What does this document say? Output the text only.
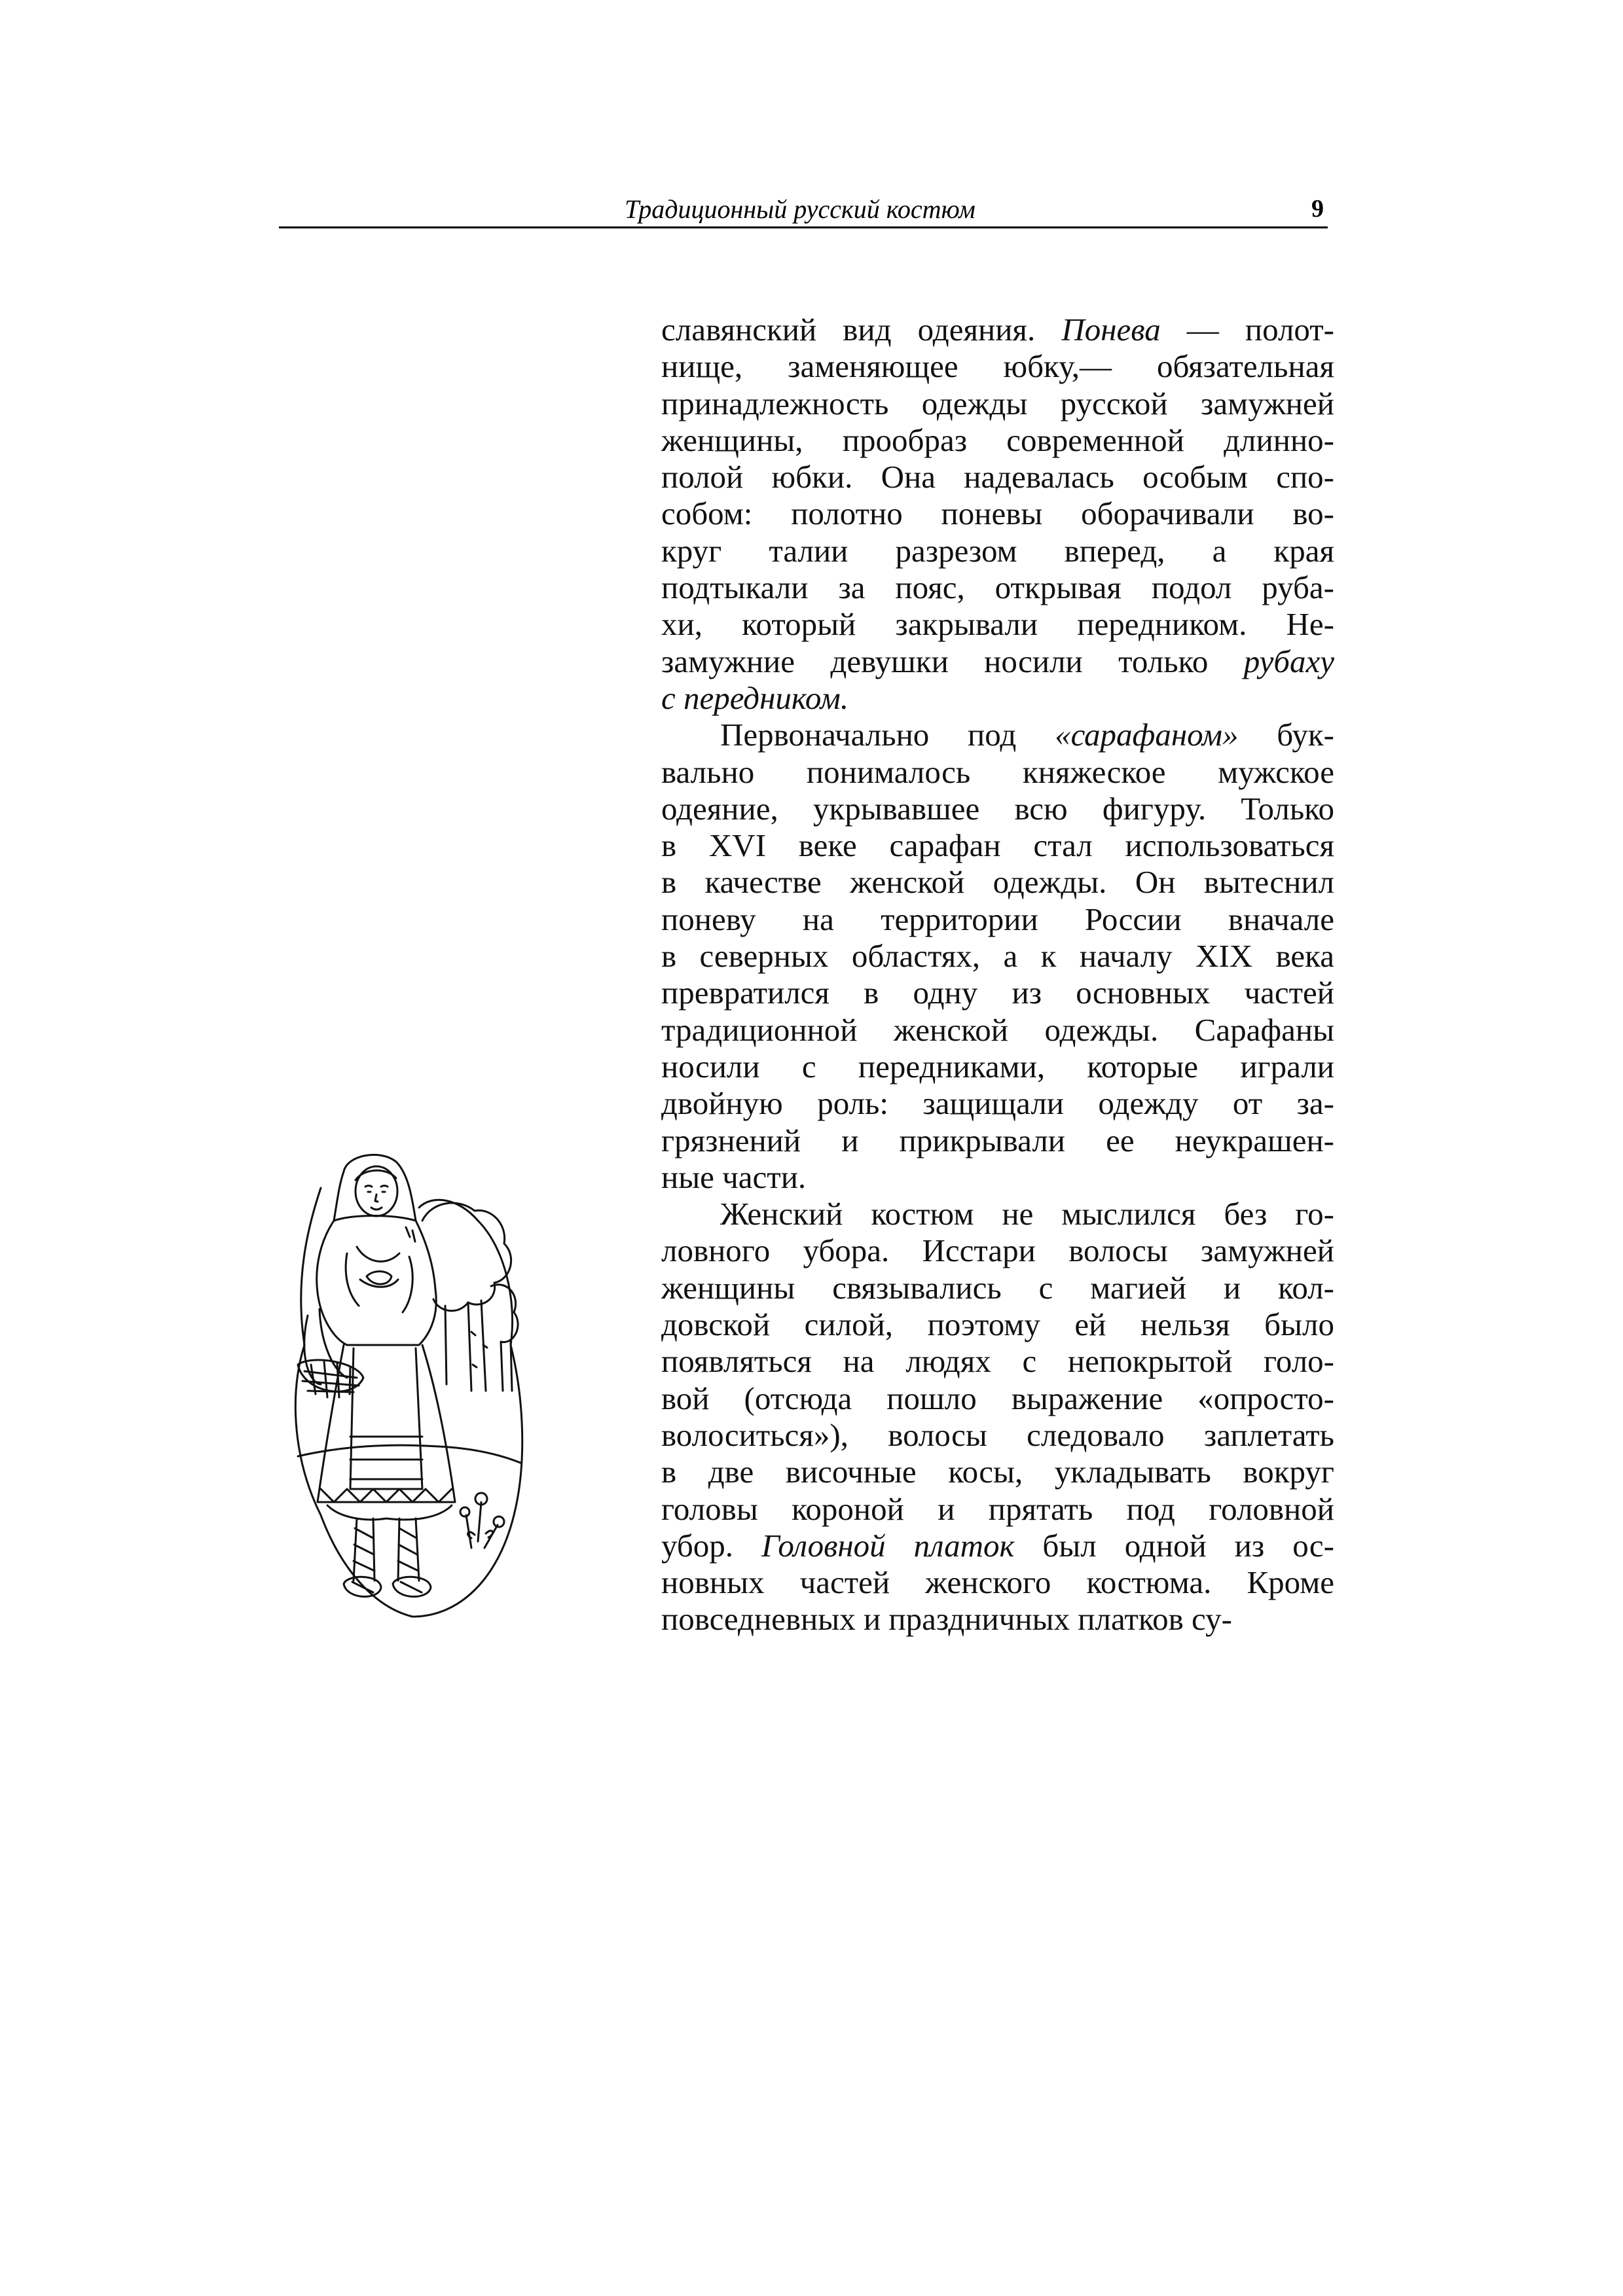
Традиционный русский костюм	9
славянский вид одеяния. Понева — полот-
нище, заменяющее юбку,— обязательная
принадлежность одежды русской замужней
женщины, прообраз современной длинно-
полой юбки. Она надевалась особым спо-
собом: полотно поневы оборачивали во-
круг талии разрезом вперед, а края
подтыкали за пояс, открывая подол руба-
хи, который закрывали передником. Не-
замужние девушки носили только рубаху
с передником.
Первоначально под «сарафаном» бук-
вально понималось княжеское мужское
одеяние, укрывавшее всю фигуру. Только
в XVI веке сарафан стал использоваться
в качестве женской одежды. Он вытеснил
поневу на территории России вначале
в северных областях, а к началу XIX века
превратился в одну из основных частей
традиционной женской одежды. Сарафаны
носили с передниками, которые играли
двойную роль: защищали одежду от за-
грязнений и прикрывали ее неукрашен-
ные части.
Женский костюм не мыслился без го-
ловного убора. Исстари волосы замужней
женщины связывались с магией и кол-
довской силой, поэтому ей нельзя было
появляться на людях с непокрытой голо-
вой (отсюда пошло выражение «опросто-
волоситься»), волосы следовало заплетать
в две височные косы, укладывать вокруг
головы короной и прятать под головной
убор. Головной платок был одной из ос-
новных частей женского костюма. Кроме
повседневных и праздничных платков су-
